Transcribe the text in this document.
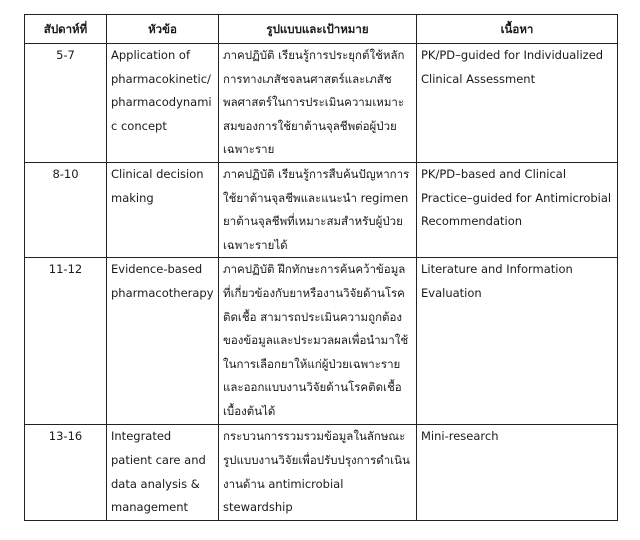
สัปดาห์ที่	หัวข้อ	รูปแบบและเป้าหมาย	เนื้อหา
5-7	Application of pharmacokinetic/ pharmacodynamic concept	ภาคปฏิบัติ เรียนรู้การประยุกต์ใช้หลักการทางเภสัชจลนศาสตร์และเภสัชพลศาสตร์ในการประเมินความเหมาะสมของการใช้ยาต้านจุลชีพต่อผู้ป่วยเฉพาะราย	PK/PD–guided for Individualized Clinical Assessment

8-10	Clinical decision making	ภาคปฏิบัติ เรียนรู้การสืบค้นปัญหาการใช้ยาต้านจุลชีพและแนะนำ regimen ยาต้านจุลชีพที่เหมาะสมสำหรับผู้ป่วยเฉพาะรายได้	PK/PD–based and Clinical Practice–guided for Antimicrobial Recommendation

11-12	Evidence-based pharmacotherapy	ภาคปฏิบัติ ฝึกทักษะการค้นคว้าข้อมูลที่เกี่ยวข้องกับยาหรืองานวิจัยด้านโรคติดเชื้อ สามารถประเมินความถูกต้องของข้อมูลและประมวลผลเพื่อนำมาใช้ในการเลือกยาให้แก่ผู้ป่วยเฉพาะรายและออกแบบงานวิจัยด้านโรคติดเชื้อเบื้องต้นได้	Literature and Information Evaluation

13-16	Integrated patient care and data analysis & management	กระบวนการรวมรวมข้อมูลในลักษณะรูปแบบงานวิจัยเพื่อปรับปรุงการดำเนินงานด้าน antimicrobial stewardship	Mini-research
